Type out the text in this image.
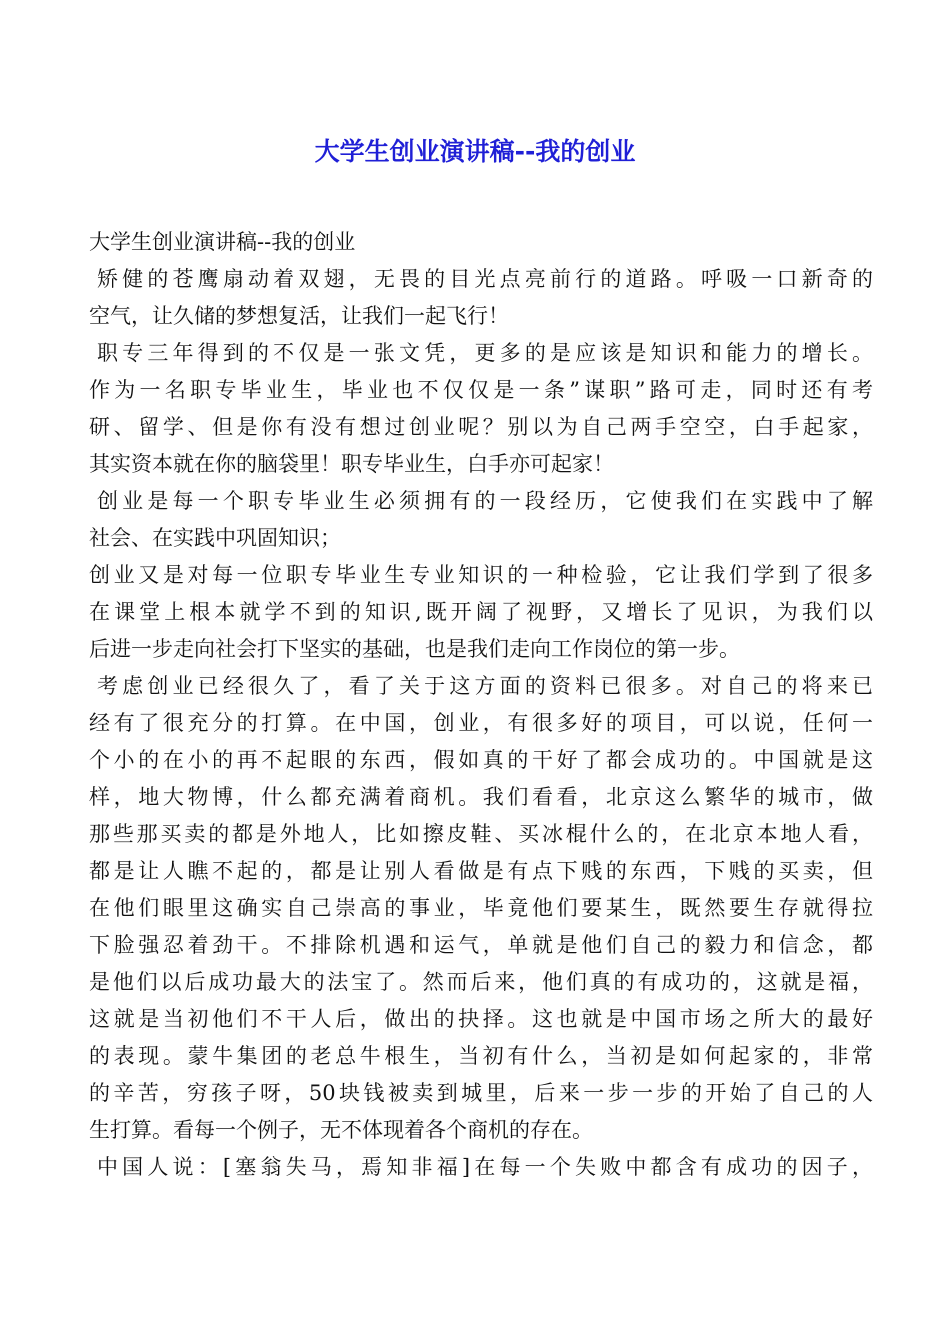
大学生创业演讲稿--我的创业
大学生创业演讲稿--我的创业
矫健的苍鹰扇动着双翅，无畏的目光点亮前行的道路。呼吸一口新奇的
空气，让久储的梦想复活，让我们一起飞行！
职专三年得到的不仅是一张文凭，更多的是应该是知识和能力的增长。
作为一名职专毕业生，毕业也不仅仅是一条”谋职”路可走，同时还有考
研、留学、但是你有没有想过创业呢？别以为自己两手空空，白手起家，
其实资本就在你的脑袋里！职专毕业生，白手亦可起家！
创业是每一个职专毕业生必须拥有的一段经历，它使我们在实践中了解
社会、在实践中巩固知识；
创业又是对每一位职专毕业生专业知识的一种检验，它让我们学到了很多
在课堂上根本就学不到的知识,既开阔了视野，又增长了见识，为我们以
后进一步走向社会打下坚实的基础，也是我们走向工作岗位的第一步。
考虑创业已经很久了，看了关于这方面的资料已很多。对自己的将来已
经有了很充分的打算。在中国，创业，有很多好的项目，可以说，任何一
个小的在小的再不起眼的东西，假如真的干好了都会成功的。中国就是这
样，地大物博，什么都充满着商机。我们看看，北京这么繁华的城市，做
那些那买卖的都是外地人，比如擦皮鞋、买冰棍什么的，在北京本地人看，
都是让人瞧不起的，都是让别人看做是有点下贱的东西，下贱的买卖，但
在他们眼里这确实自己崇高的事业，毕竟他们要某生，既然要生存就得拉
下脸强忍着劲干。不排除机遇和运气，单就是他们自己的毅力和信念，都
是他们以后成功最大的法宝了。然而后来，他们真的有成功的，这就是福，
这就是当初他们不干人后，做出的抉择。这也就是中国市场之所大的最好
的表现。蒙牛集团的老总牛根生，当初有什么，当初是如何起家的，非常
的辛苦，穷孩子呀，50块钱被卖到城里，后来一步一步的开始了自己的人
生打算。看每一个例子，无不体现着各个商机的存在。
中国人说：[塞翁失马，焉知非福]在每一个失败中都含有成功的因子，
